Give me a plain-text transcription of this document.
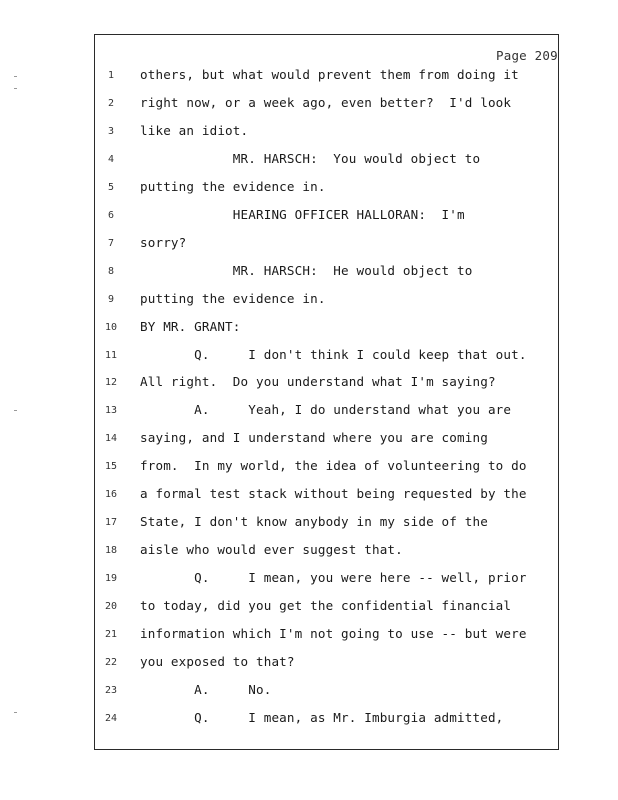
Page 209
1	others, but what would prevent them from doing it
2	right now, or a week ago, even better?  I'd look
3	like an idiot.
4	MR. HARSCH:  You would object to
5	putting the evidence in.
6	HEARING OFFICER HALLORAN:  I'm
7	sorry?
8	MR. HARSCH:  He would object to
9	putting the evidence in.
10	BY MR. GRANT:
11	Q.     I don't think I could keep that out.
12	All right.  Do you understand what I'm saying?
13	A.     Yeah, I do understand what you are
14	saying, and I understand where you are coming
15	from.  In my world, the idea of volunteering to do
16	a formal test stack without being requested by the
17	State, I don't know anybody in my side of the
18	aisle who would ever suggest that.
19	Q.     I mean, you were here -- well, prior
20	to today, did you get the confidential financial
21	information which I'm not going to use -- but were
22	you exposed to that?
23	A.     No.
24	Q.     I mean, as Mr. Imburgia admitted,
